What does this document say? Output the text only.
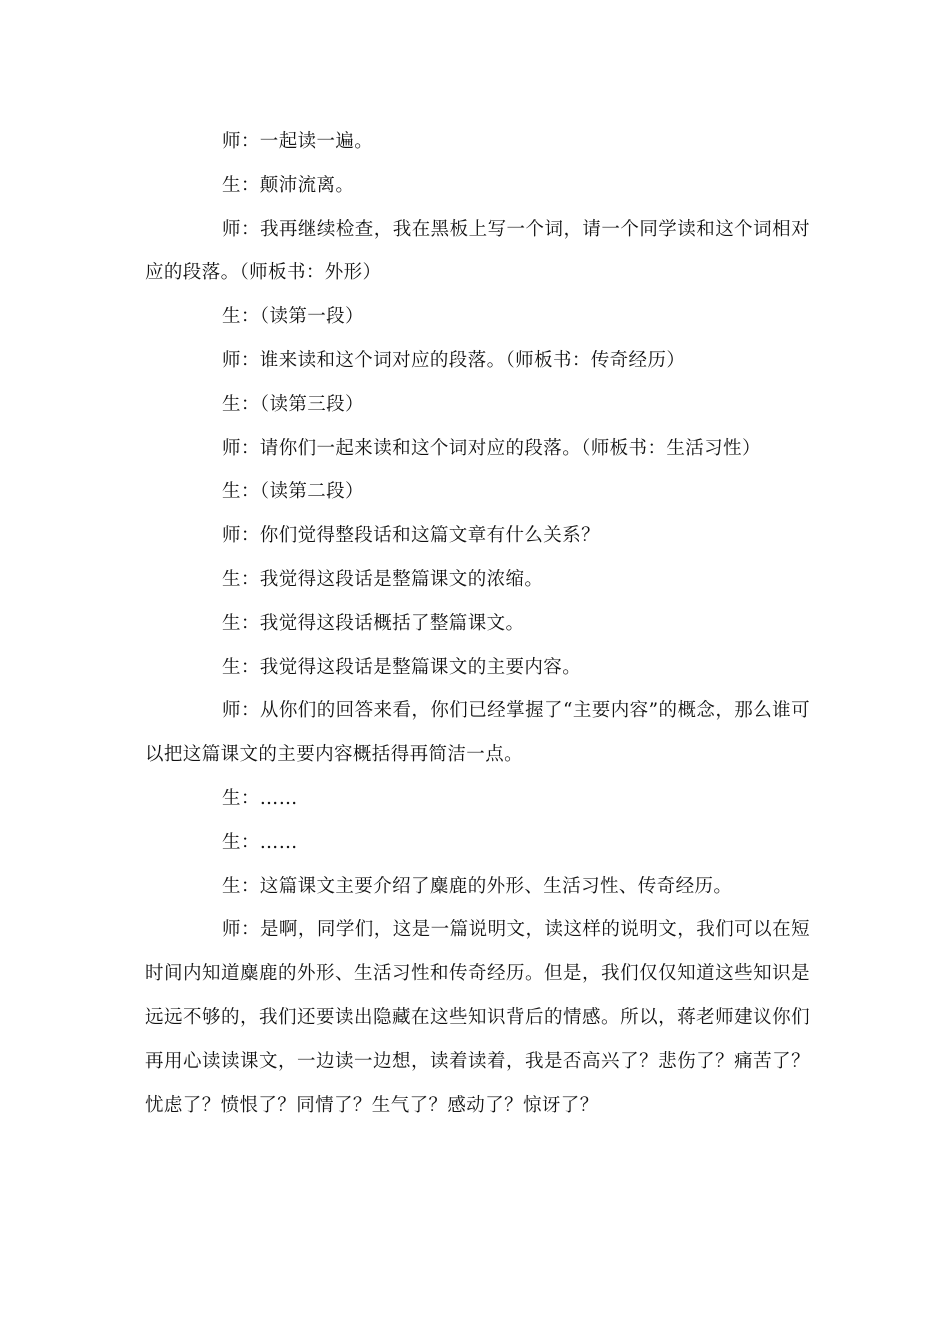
师：一起读一遍。

生：颠沛流离。

师：我再继续检查，我在黑板上写一个词，请一个同学读和这个词相对应的段落。（师板书：外形）

生：（读第一段）

师：谁来读和这个词对应的段落。（师板书：传奇经历）

生：（读第三段）

师：请你们一起来读和这个词对应的段落。（师板书：生活习性）

生：（读第二段）

师：你们觉得整段话和这篇文章有什么关系？

生：我觉得这段话是整篇课文的浓缩。

生：我觉得这段话概括了整篇课文。

生：我觉得这段话是整篇课文的主要内容。

师：从你们的回答来看，你们已经掌握了“主要内容”的概念，那么谁可以把这篇课文的主要内容概括得再简洁一点。

生：……

生：……

生：这篇课文主要介绍了麋鹿的外形、生活习性、传奇经历。

师：是啊，同学们，这是一篇说明文，读这样的说明文，我们可以在短时间内知道麋鹿的外形、生活习性和传奇经历。但是，我们仅仅知道这些知识是远远不够的，我们还要读出隐藏在这些知识背后的情感。所以，蒋老师建议你们再用心读读课文，一边读一边想，读着读着，我是否高兴了？悲伤了？痛苦了？忧虑了？愤恨了？同情了？生气了？感动了？惊讶了？
